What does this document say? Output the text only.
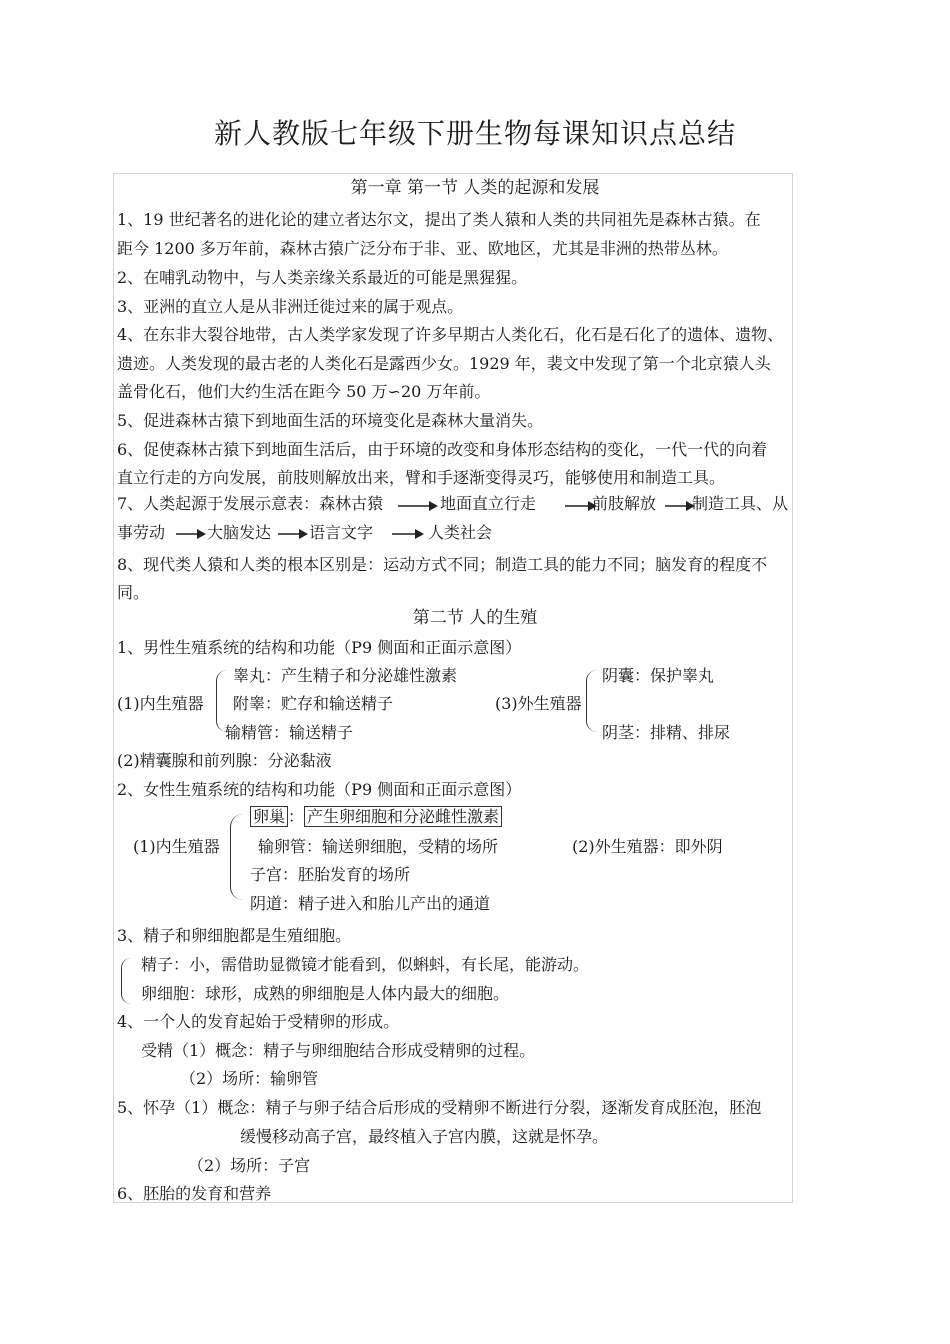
新人教版七年级下册生物每课知识点总结
第一章 第一节 人类的起源和发展
1、19 世纪著名的进化论的建立者达尔文，提出了类人猿和人类的共同祖先是森林古猿。在
距今 1200 多万年前，森林古猿广泛分布于非、亚、欧地区，尤其是非洲的热带丛林。
2、在哺乳动物中，与人类亲缘关系最近的可能是黑猩猩。
3、亚洲的直立人是从非洲迁徙过来的属于观点。
4、在东非大裂谷地带，古人类学家发现了许多早期古人类化石，化石是石化了的遗体、遗物、
遗迹。人类发现的最古老的人类化石是露西少女。1929 年，裴文中发现了第一个北京猿人头
盖骨化石，他们大约生活在距今 50 万∽20 万年前。
5、促进森林古猿下到地面生活的环境变化是森林大量消失。
6、促使森林古猿下到地面生活后，由于环境的改变和身体形态结构的变化，一代一代的向着
直立行走的方向发展，前肢则解放出来，臂和手逐渐变得灵巧，能够使用和制造工具。
7、人类起源于发展示意表：森林古猿	地面直立行走	前肢解放 制造工具、从
事劳动	大脑发达 语言文字	人类社会
8、现代类人猿和人类的根本区别是：运动方式不同；制造工具的能力不同；脑发育的程度不
同。
第二节 人的生殖
1、男性生殖系统的结构和功能（P9 侧面和正面示意图）
(1)内生殖器
睾丸：产生精子和分泌雄性激素
附睾：贮存和输送精子
输精管：输送精子
(3)外生殖器
阴囊：保护睾丸
阴茎：排精、排尿
(2)精囊腺和前列腺：分泌黏液
2、女性生殖系统的结构和功能（P9 侧面和正面示意图）
(1)内生殖器
卵巢 ： 产生卵细胞和分泌雌性激素
输卵管：输送卵细胞，受精的场所
子宫：胚胎发育的场所
阴道：精子进入和胎儿产出的通道
(2)外生殖器：即外阴
3、精子和卵细胞都是生殖细胞。
精子：小，需借助显微镜才能看到，似蝌蚪，有长尾，能游动。
卵细胞：球形，成熟的卵细胞是人体内最大的细胞。
4、一个人的发育起始于受精卵的形成。
受精（1）概念：精子与卵细胞结合形成受精卵的过程。
（2）场所：输卵管
5、怀孕（1）概念：精子与卵子结合后形成的受精卵不断进行分裂，逐渐发育成胚泡，胚泡
缓慢移动高子宫，最终植入子宫内膜，这就是怀孕。
（2）场所：子宫
6、胚胎的发育和营养
